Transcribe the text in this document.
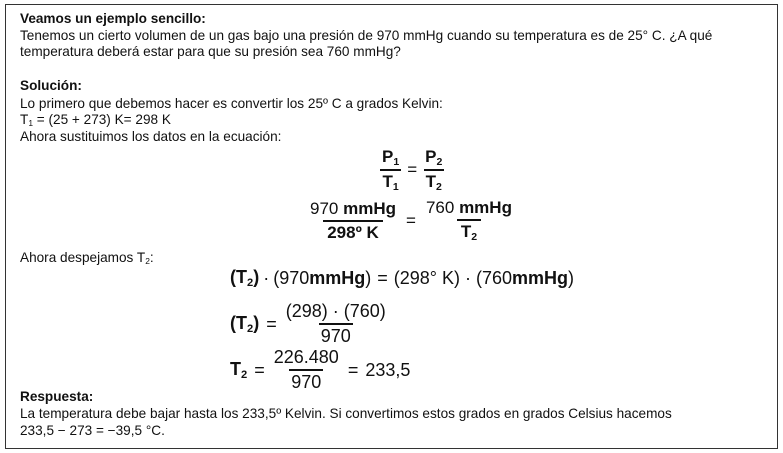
Veamos un ejemplo sencillo:

Tenemos un cierto volumen de un gas bajo una presión de 970 mmHg cuando su temperatura es de 25° C. ¿A qué

temperatura deberá estar para que su presión sea 760 mmHg?

Solución:

Lo primero que debemos hacer es convertir los 25º C a grados Kelvin:

T1 = (25 + 273) K= 298 K

Ahora sustituimos los datos en la ecuación:

$\frac{P_1}{T_1} = \frac{P_2}{T_2}$
$\frac{\text{970 mmHg}}{\text{298º K}} = \frac{\text{760 mmHg}}{T_2}$

Ahora despejamos T2:

$(T_2) \cdot (970$ mmHg ) = (298° K) · (760 mmHg )
$(T_2) = \frac{(298) \cdot (760)}{970}$
$T_2 = \frac{226.480}{970} = 233,5$

Respuesta:

La temperatura debe bajar hasta los 233,5º Kelvin. Si convertimos estos grados en grados Celsius hacemos

233,5 − 273 = −39,5 °C.
